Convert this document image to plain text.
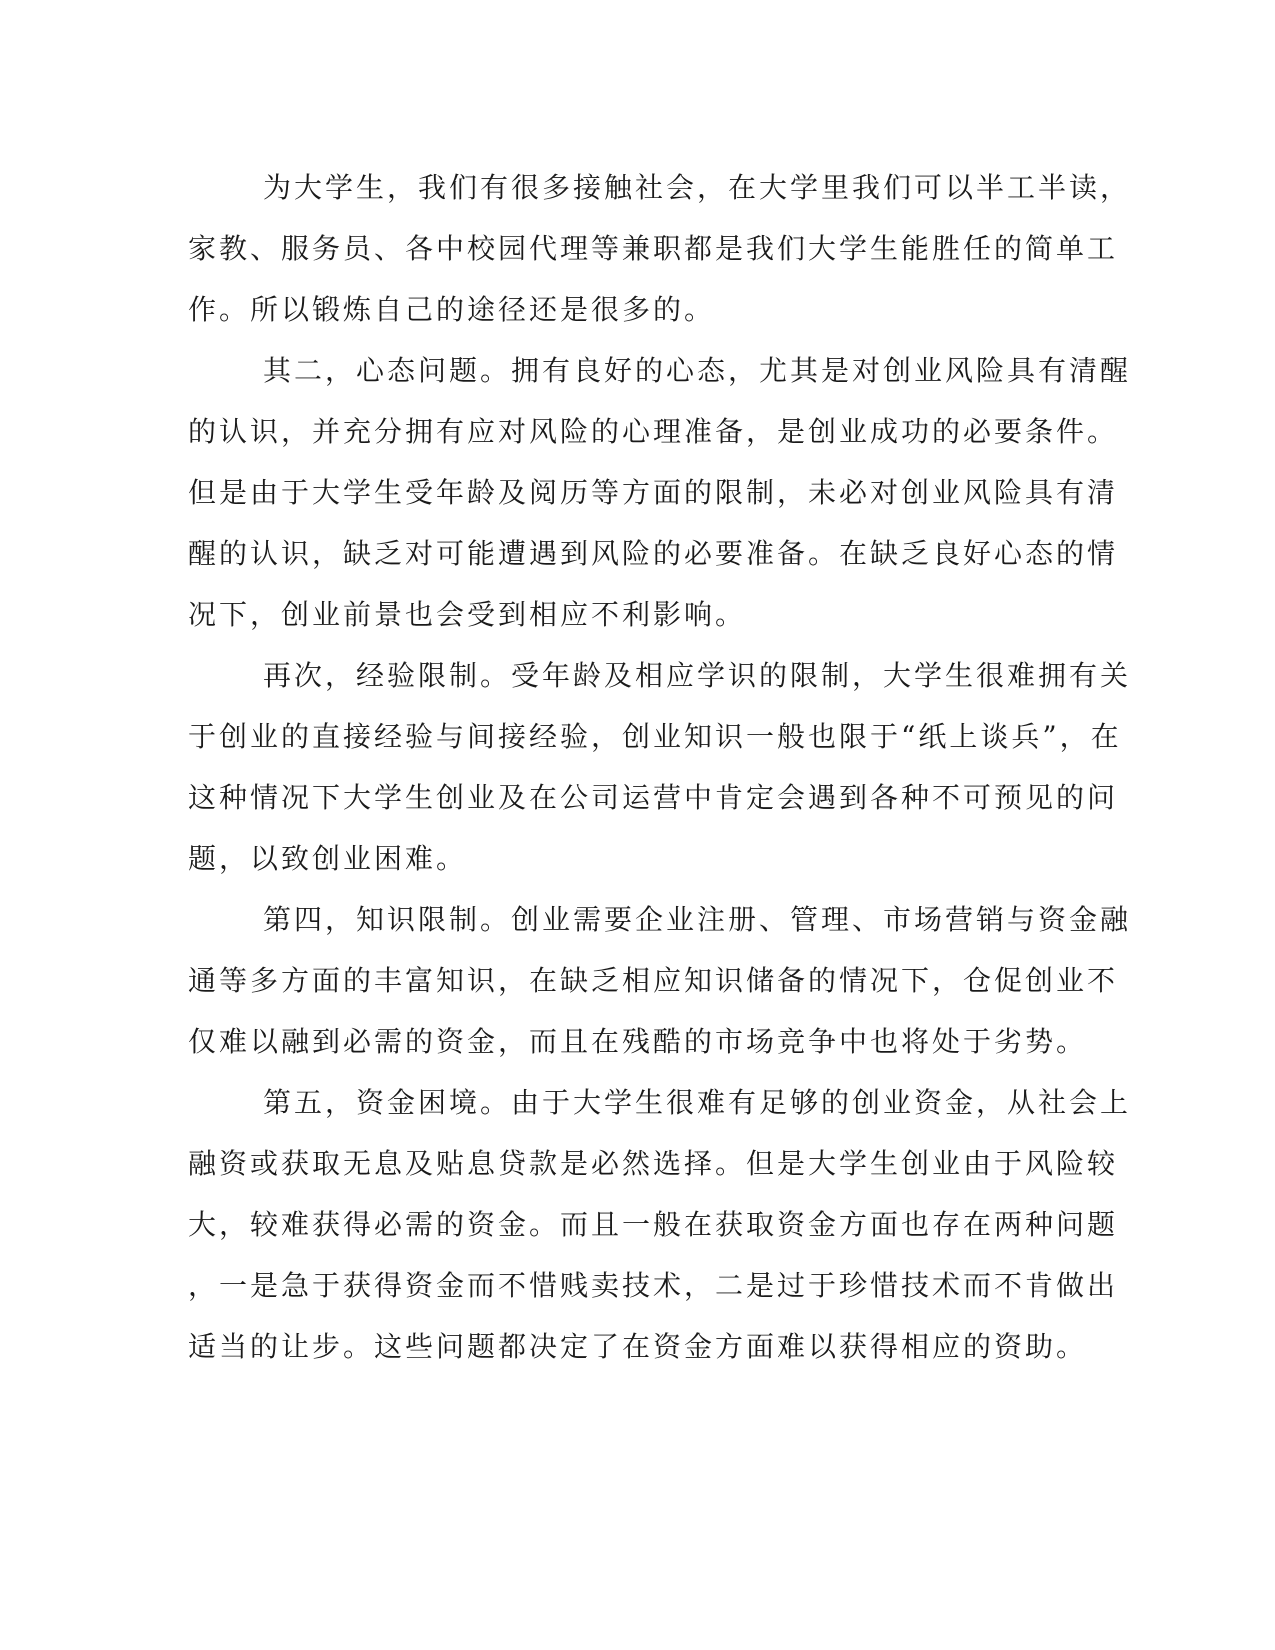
为大学生，我们有很多接触社会，在大学里我们可以半工半读，
家教、服务员、各中校园代理等兼职都是我们大学生能胜任的简单工
作。所以锻炼自己的途径还是很多的。
其二，心态问题。拥有良好的心态，尤其是对创业风险具有清醒
的认识，并充分拥有应对风险的心理准备，是创业成功的必要条件。
但是由于大学生受年龄及阅历等方面的限制，未必对创业风险具有清
醒的认识，缺乏对可能遭遇到风险的必要准备。在缺乏良好心态的情
况下，创业前景也会受到相应不利影响。
再次，经验限制。受年龄及相应学识的限制，大学生很难拥有关
于创业的直接经验与间接经验，创业知识一般也限于“纸上谈兵”，在
这种情况下大学生创业及在公司运营中肯定会遇到各种不可预见的问
题，以致创业困难。
第四，知识限制。创业需要企业注册、管理、市场营销与资金融
通等多方面的丰富知识，在缺乏相应知识储备的情况下，仓促创业不
仅难以融到必需的资金，而且在残酷的市场竞争中也将处于劣势。
第五，资金困境。由于大学生很难有足够的创业资金，从社会上
融资或获取无息及贴息贷款是必然选择。但是大学生创业由于风险较
大，较难获得必需的资金。而且一般在获取资金方面也存在两种问题
，一是急于获得资金而不惜贱卖技术，二是过于珍惜技术而不肯做出
适当的让步。这些问题都决定了在资金方面难以获得相应的资助。
